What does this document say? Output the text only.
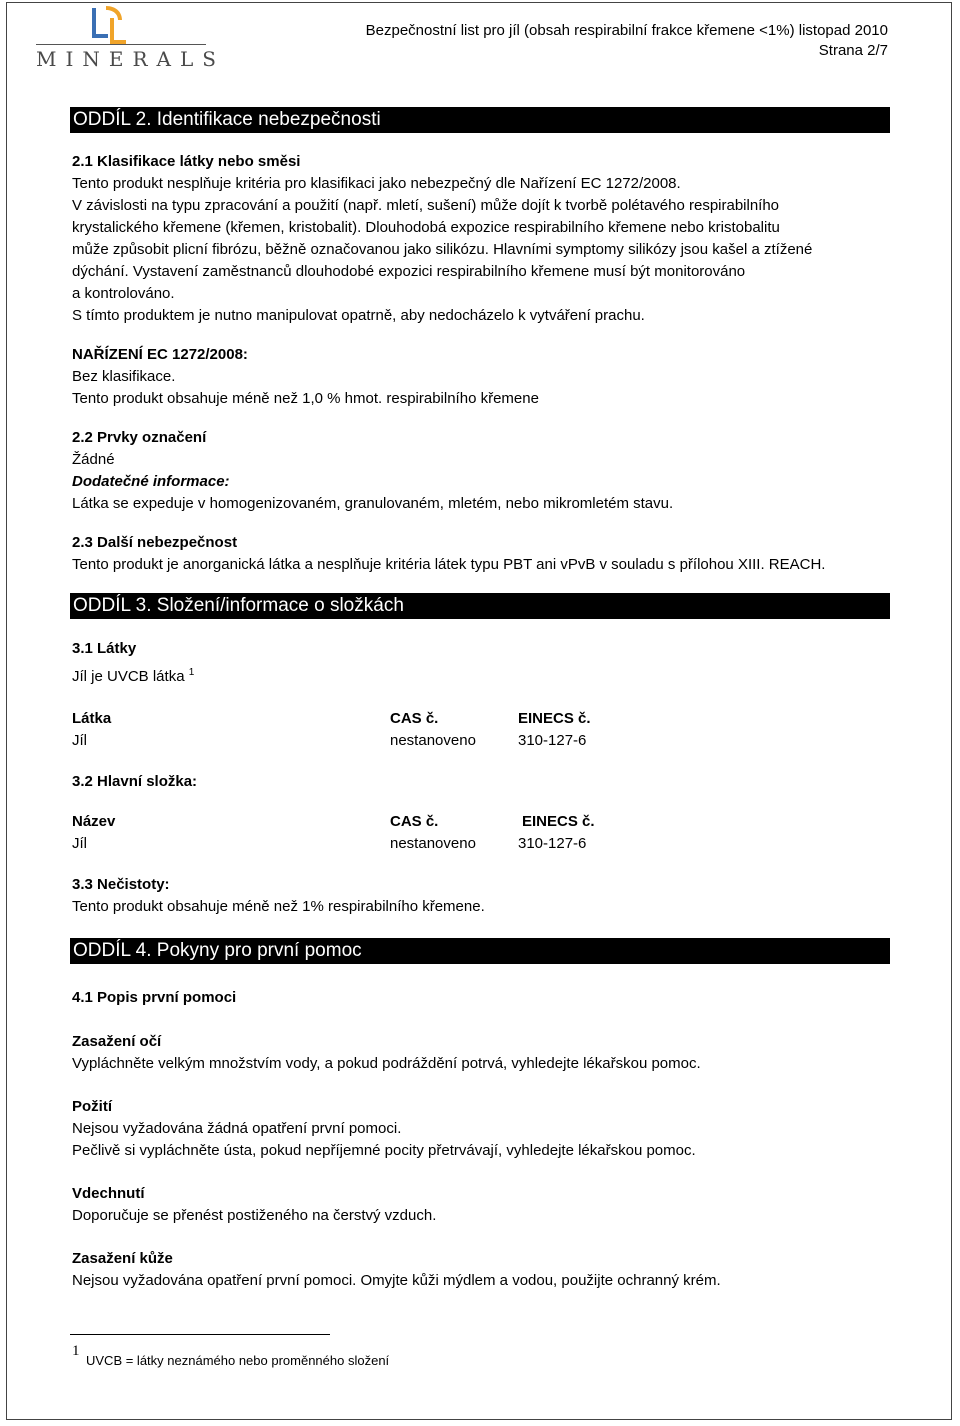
MINERALS
Bezpečnostní list pro jíl (obsah respirabilní frakce křemene <1%) listopad 2010
Strana 2/7
ODDÍL 2. Identifikace nebezpečnosti
2.1 Klasifikace látky nebo směsi
Tento produkt nesplňuje kritéria pro klasifikaci jako nebezpečný dle Nařízení EC 1272/2008.
V závislosti na typu zpracování a použití (např. mletí, sušení) může dojít k tvorbě polétavého respirabilního
krystalického křemene (křemen, kristobalit). Dlouhodobá expozice respirabilního křemene nebo kristobalitu
může způsobit plicní fibrózu, běžně označovanou jako silikózu. Hlavními symptomy silikózy jsou kašel a ztížené
dýchání. Vystavení zaměstnanců dlouhodobé expozici respirabilního křemene musí být monitorováno
a kontrolováno.
S tímto produktem je nutno manipulovat opatrně, aby nedocházelo k vytváření prachu.
NAŘÍZENÍ EC 1272/2008:
Bez klasifikace.
Tento produkt obsahuje méně než 1,0 % hmot. respirabilního křemene
2.2 Prvky označení
Žádné
Dodatečné informace:
Látka se expeduje v homogenizovaném, granulovaném, mletém, nebo mikromletém stavu.
2.3 Další nebezpečnost
Tento produkt je anorganická látka a nesplňuje kritéria látek typu PBT ani vPvB v souladu s přílohou XIII. REACH.
ODDÍL 3. Složení/informace o složkách
3.1 Látky
Jíl je UVCB látka $^1$
Látka	CAS č.	EINECS č.
Jíl	nestanoveno	310-127-6
3.2 Hlavní složka:
Název	CAS č.	EINECS č.
Jíl	nestanoveno	310-127-6
3.3 Nečistoty:
Tento produkt obsahuje méně než 1% respirabilního křemene.
ODDÍL 4. Pokyny pro první pomoc
4.1 Popis první pomoci
Zasažení očí
Vypláchněte velkým množstvím vody, a pokud podráždění potrvá, vyhledejte lékařskou pomoc.
Požití
Nejsou vyžadována žádná opatření první pomoci.
Pečlivě si vypláchněte ústa, pokud nepříjemné pocity přetrvávají, vyhledejte lékařskou pomoc.
Vdechnutí
Doporučuje se přenést postiženého na čerstvý vzduch.
Zasažení kůže
Nejsou vyžadována opatření první pomoci. Omyjte kůži mýdlem a vodou, použijte ochranný krém.
1
UVCB = látky neznámého nebo proměnného složení
